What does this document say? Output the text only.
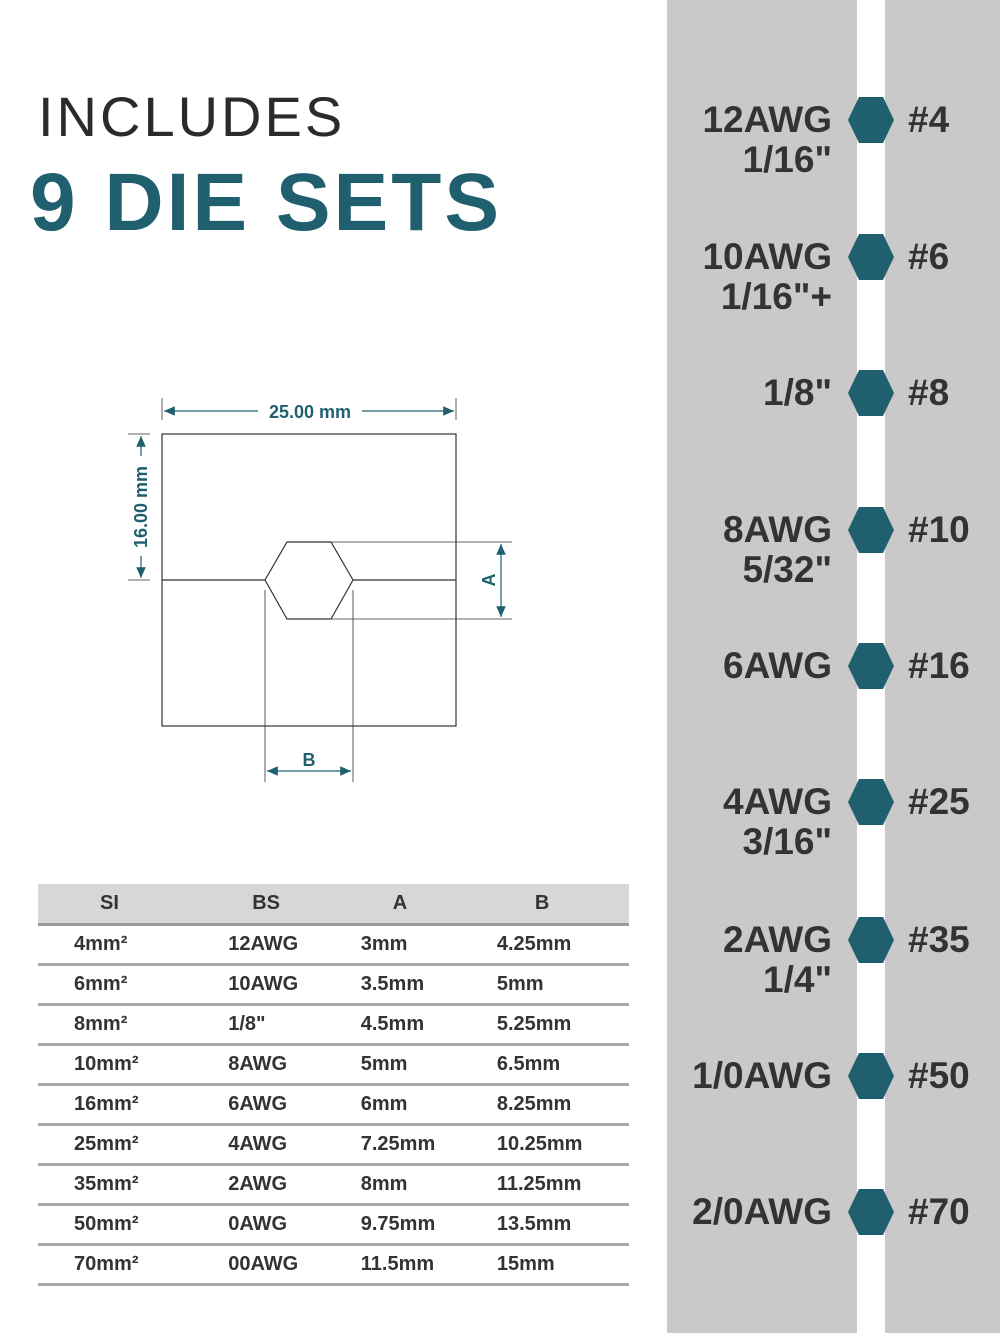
INCLUDES
9 DIE SETS
25.00 mm
16.00 mm
A
B
SI	BS	A	B
4mm²	12AWG	3mm	4.25mm
6mm²	10AWG	3.5mm	5mm
8mm²	1/8"	4.5mm	5.25mm
10mm²	8AWG	5mm	6.5mm
16mm²	6AWG	6mm	8.25mm
25mm²	4AWG	7.25mm	10.25mm
35mm²	2AWG	8mm	11.25mm
50mm²	0AWG	9.75mm	13.5mm
70mm²	00AWG	11.5mm	15mm
12AWG
1/16"
#4
10AWG
1/16"+
#6
1/8" #8
8AWG
5/32"
#10
6AWG #16
4AWG
3/16"
#25
2AWG
1/4"
#35
1/0AWG #50
2/0AWG #70
